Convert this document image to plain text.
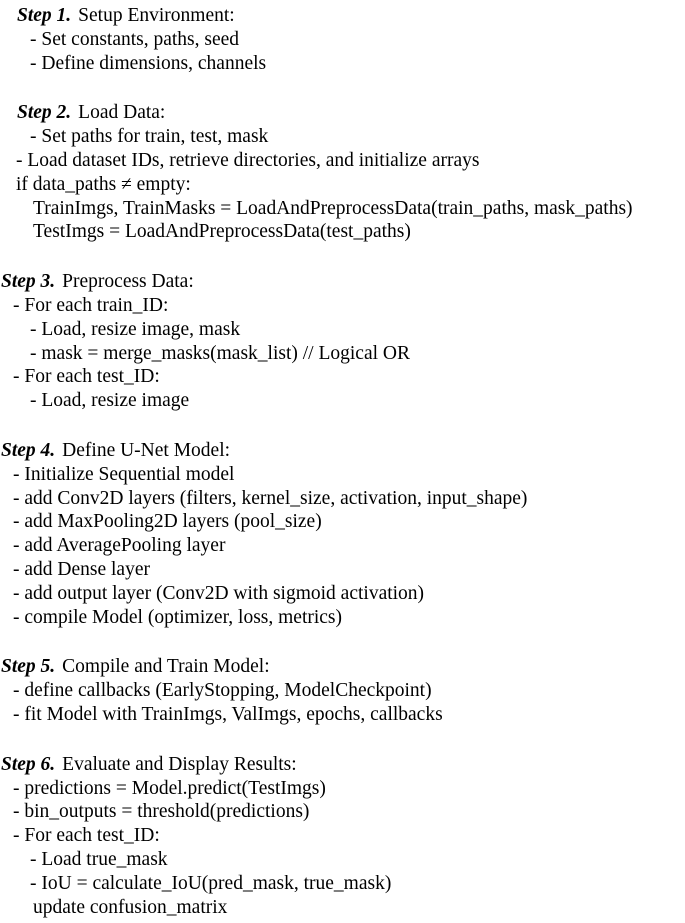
Step 1. Setup Environment:
- Set constants, paths, seed
- Define dimensions, channels
Step 2. Load Data:
- Set paths for train, test, mask
- Load dataset IDs, retrieve directories, and initialize arrays
if data_paths ≠ empty:
TrainImgs, TrainMasks = LoadAndPreprocessData(train_paths, mask_paths)
TestImgs = LoadAndPreprocessData(test_paths)
Step 3. Preprocess Data:
- For each train_ID:
- Load, resize image, mask
- mask = merge_masks(mask_list) // Logical OR
- For each test_ID:
- Load, resize image
Step 4. Define U-Net Model:
- Initialize Sequential model
- add Conv2D layers (filters, kernel_size, activation, input_shape)
- add MaxPooling2D layers (pool_size)
- add AveragePooling layer
- add Dense layer
- add output layer (Conv2D with sigmoid activation)
- compile Model (optimizer, loss, metrics)
Step 5. Compile and Train Model:
- define callbacks (EarlyStopping, ModelCheckpoint)
- fit Model with TrainImgs, ValImgs, epochs, callbacks
Step 6. Evaluate and Display Results:
- predictions = Model.predict(TestImgs)
- bin_outputs = threshold(predictions)
- For each test_ID:
- Load true_mask
- IoU = calculate_IoU(pred_mask, true_mask)
update confusion_matrix
